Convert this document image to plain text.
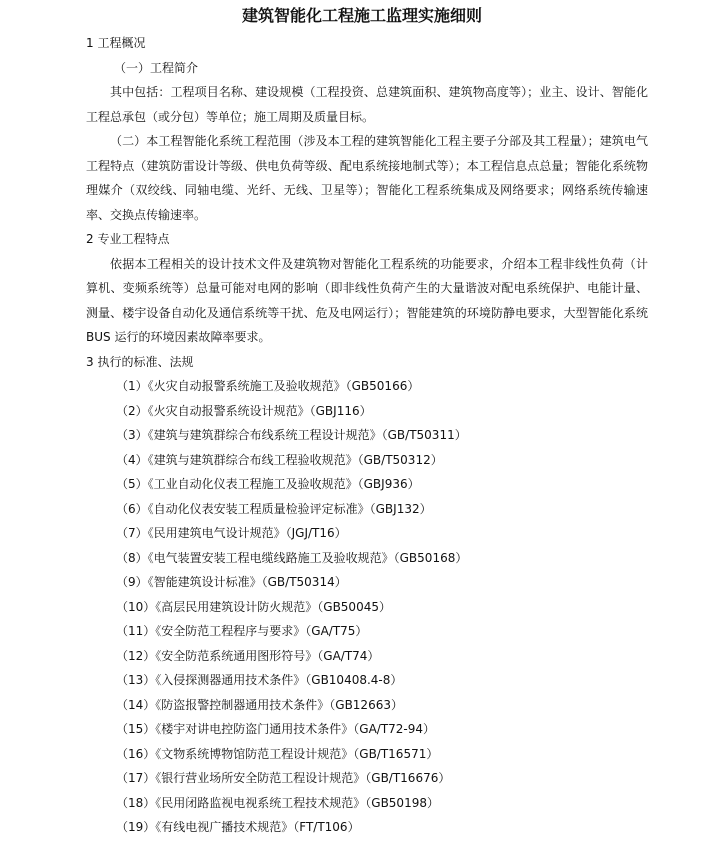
建筑智能化工程施工监理实施细则
1 工程概况
（一）工程简介

其中包括：工程项目名称、建设规模（工程投资、总建筑面积、建筑物高度等）；业主、设计、智能化工程总承包（或分包）等单位；施工周期及质量目标。

（二）本工程智能化系统工程范围（涉及本工程的建筑智能化工程主要子分部及其工程量）；建筑电气工程特点（建筑防雷设计等级、供电负荷等级、配电系统接地制式等）；本工程信息点总量；智能化系统物理媒介（双绞线、同轴电缆、光纤、无线、卫星等）；智能化工程系统集成及网络要求；网络系统传输速率、交换点传输速率。

2 专业工程特点

依据本工程相关的设计技术文件及建筑物对智能化工程系统的功能要求，介绍本工程非线性负荷（计算机、变频系统等）总量可能对电网的影响（即非线性负荷产生的大量谐波对配电系统保护、电能计量、测量、楼宇设备自动化及通信系统等干扰、危及电网运行）；智能建筑的环境防静电要求，大型智能化系统 BUS 运行的环境因素故障率要求。

3 执行的标准、法规
（1）《火灾自动报警系统施工及验收规范》（GB50166）
（2）《火灾自动报警系统设计规范》（GBJ116）
（3）《建筑与建筑群综合布线系统工程设计规范》（GB/T50311）
（4）《建筑与建筑群综合布线工程验收规范》（GB/T50312）
（5）《工业自动化仪表工程施工及验收规范》（GBJ936）
（6）《自动化仪表安装工程质量检验评定标准》（GBJ132）
（7）《民用建筑电气设计规范》（JGJ/T16）
（8）《电气装置安装工程电缆线路施工及验收规范》（GB50168）
（9）《智能建筑设计标准》（GB/T50314）
（10）《高层民用建筑设计防火规范》（GB50045）
（11）《安全防范工程程序与要求》（GA/T75）
（12）《安全防范系统通用图形符号》（GA/T74）
（13）《入侵探测器通用技术条件》（GB10408.4-8）
（14）《防盗报警控制器通用技术条件》（GB12663）
（15）《楼宇对讲电控防盗门通用技术条件》（GA/T72-94）
（16）《文物系统博物馆防范工程设计规范》（GB/T16571）
（17）《银行营业场所安全防范工程设计规范》（GB/T16676）
（18）《民用闭路监视电视系统工程技术规范》（GB50198）
（19）《有线电视广播技术规范》（FT/T106）
